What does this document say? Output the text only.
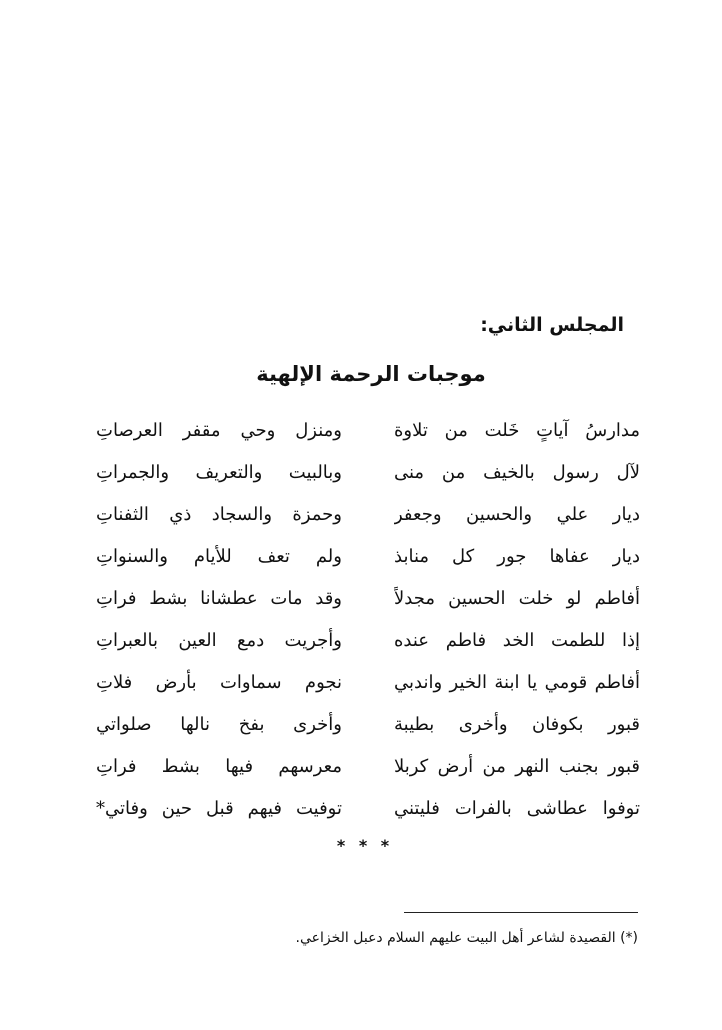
المجلس الثاني:
موجبات الرحمة الإلهية
مدارسُ آياتٍ خَلت من تلاوة
ومنزل وحي مقفر العرصاتِ
لآل رسول بالخيف من منى
وبالبيت والتعريف والجمراتِ
ديار علي والحسين وجعفر
وحمزة والسجاد ذي الثفناتِ
ديار عفاها جور كل منابذ
ولم تعف للأيام والسنواتِ
أفاطم لو خلت الحسين مجدلاً
وقد مات عطشانا بشط فراتِ
إذا للطمت الخد فاطم عنده
وأجريت دمع العين بالعبراتِ
أفاطم قومي يا ابنة الخير واندبي
نجوم سماوات بأرض فلاتِ
قبور بكوفان وأخرى بطيبة
وأخرى بفخ نالها صلواتي
قبور بجنب النهر من أرض كربلا
معرسهم فيها بشط فراتِ
توفوا عطاشى بالفرات فليتني
توفيت فيهم قبل حين وفاتي*
* * *
(*) القصيدة لشاعر أهل البيت عليهم السلام دعبل الخزاعي.
